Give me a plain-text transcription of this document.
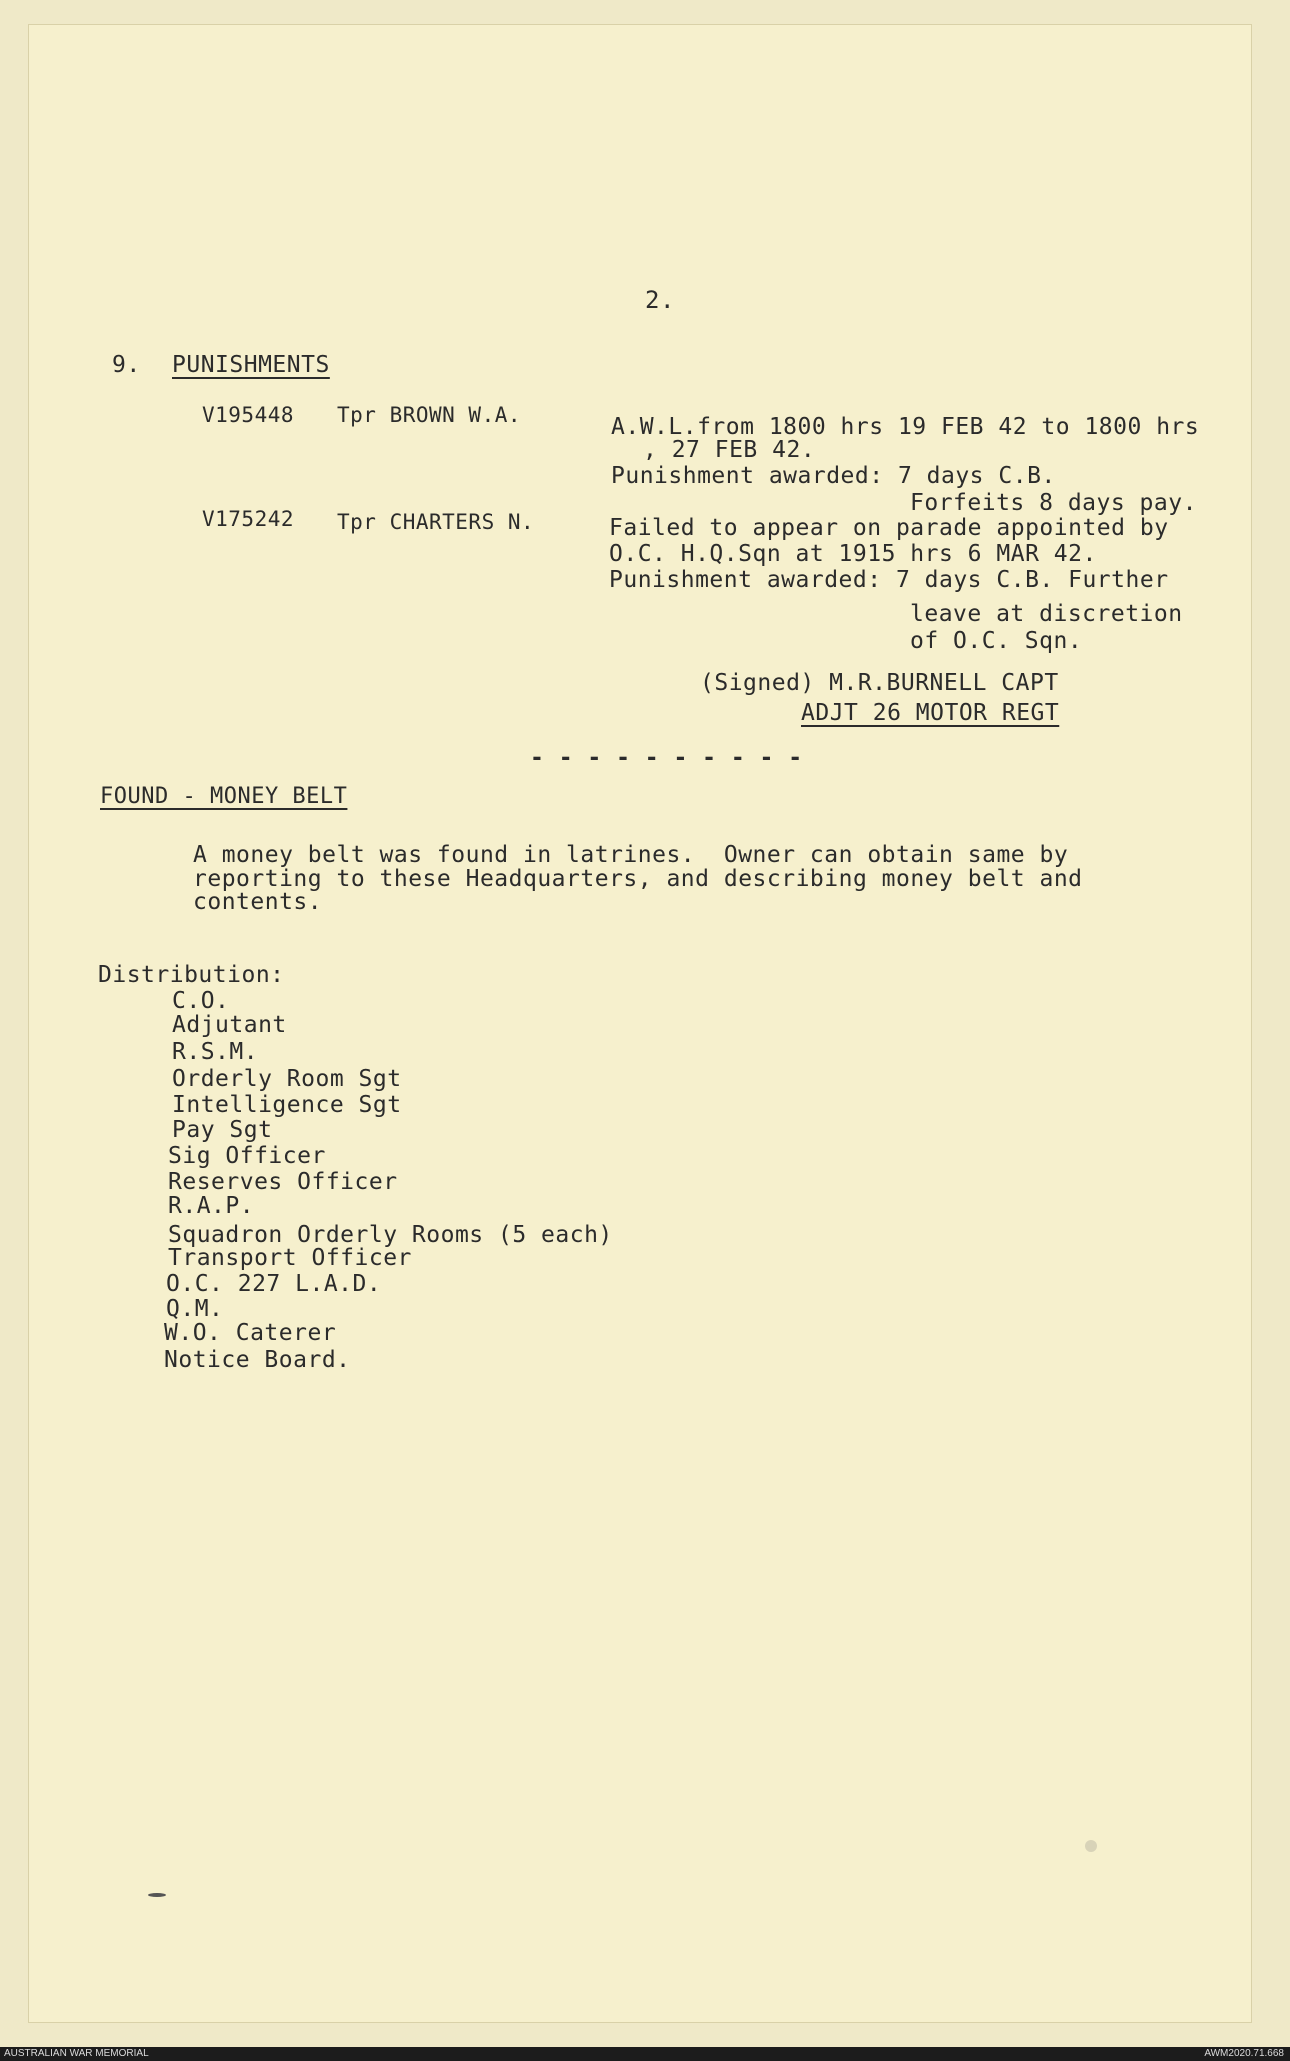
2.
9. PUNISHMENTS
V195448 Tpr BROWN W.A.	A.W.L.from 1800 hrs 19 FEB 42 to 1800 hrs
, 27 FEB 42.
Punishment awarded: 7 days C.B.
Forfeits 8 days pay.
V175242 Tpr CHARTERS N.	Failed to appear on parade appointed by
O.C. H.Q.Sqn at 1915 hrs 6 MAR 42.
Punishment awarded: 7 days C.B. Further
leave at discretion
of O.C. Sqn.
(Signed) M.R.BURNELL CAPT
ADJT 26 MOTOR REGT
- - - - - - - - - -
FOUND - MONEY BELT
A money belt was found in latrines.  Owner can obtain same by
reporting to these Headquarters, and describing money belt and
contents.
Distribution:
C.O.
Adjutant
R.S.M.
Orderly Room Sgt
Intelligence Sgt
Pay Sgt
Sig Officer
Reserves Officer
R.A.P.
Squadron Orderly Rooms (5 each)
Transport Officer
O.C. 227 L.A.D.
Q.M.
W.O. Caterer
Notice Board.
AUSTRALIAN WAR MEMORIAL	AWM2020.71.668
